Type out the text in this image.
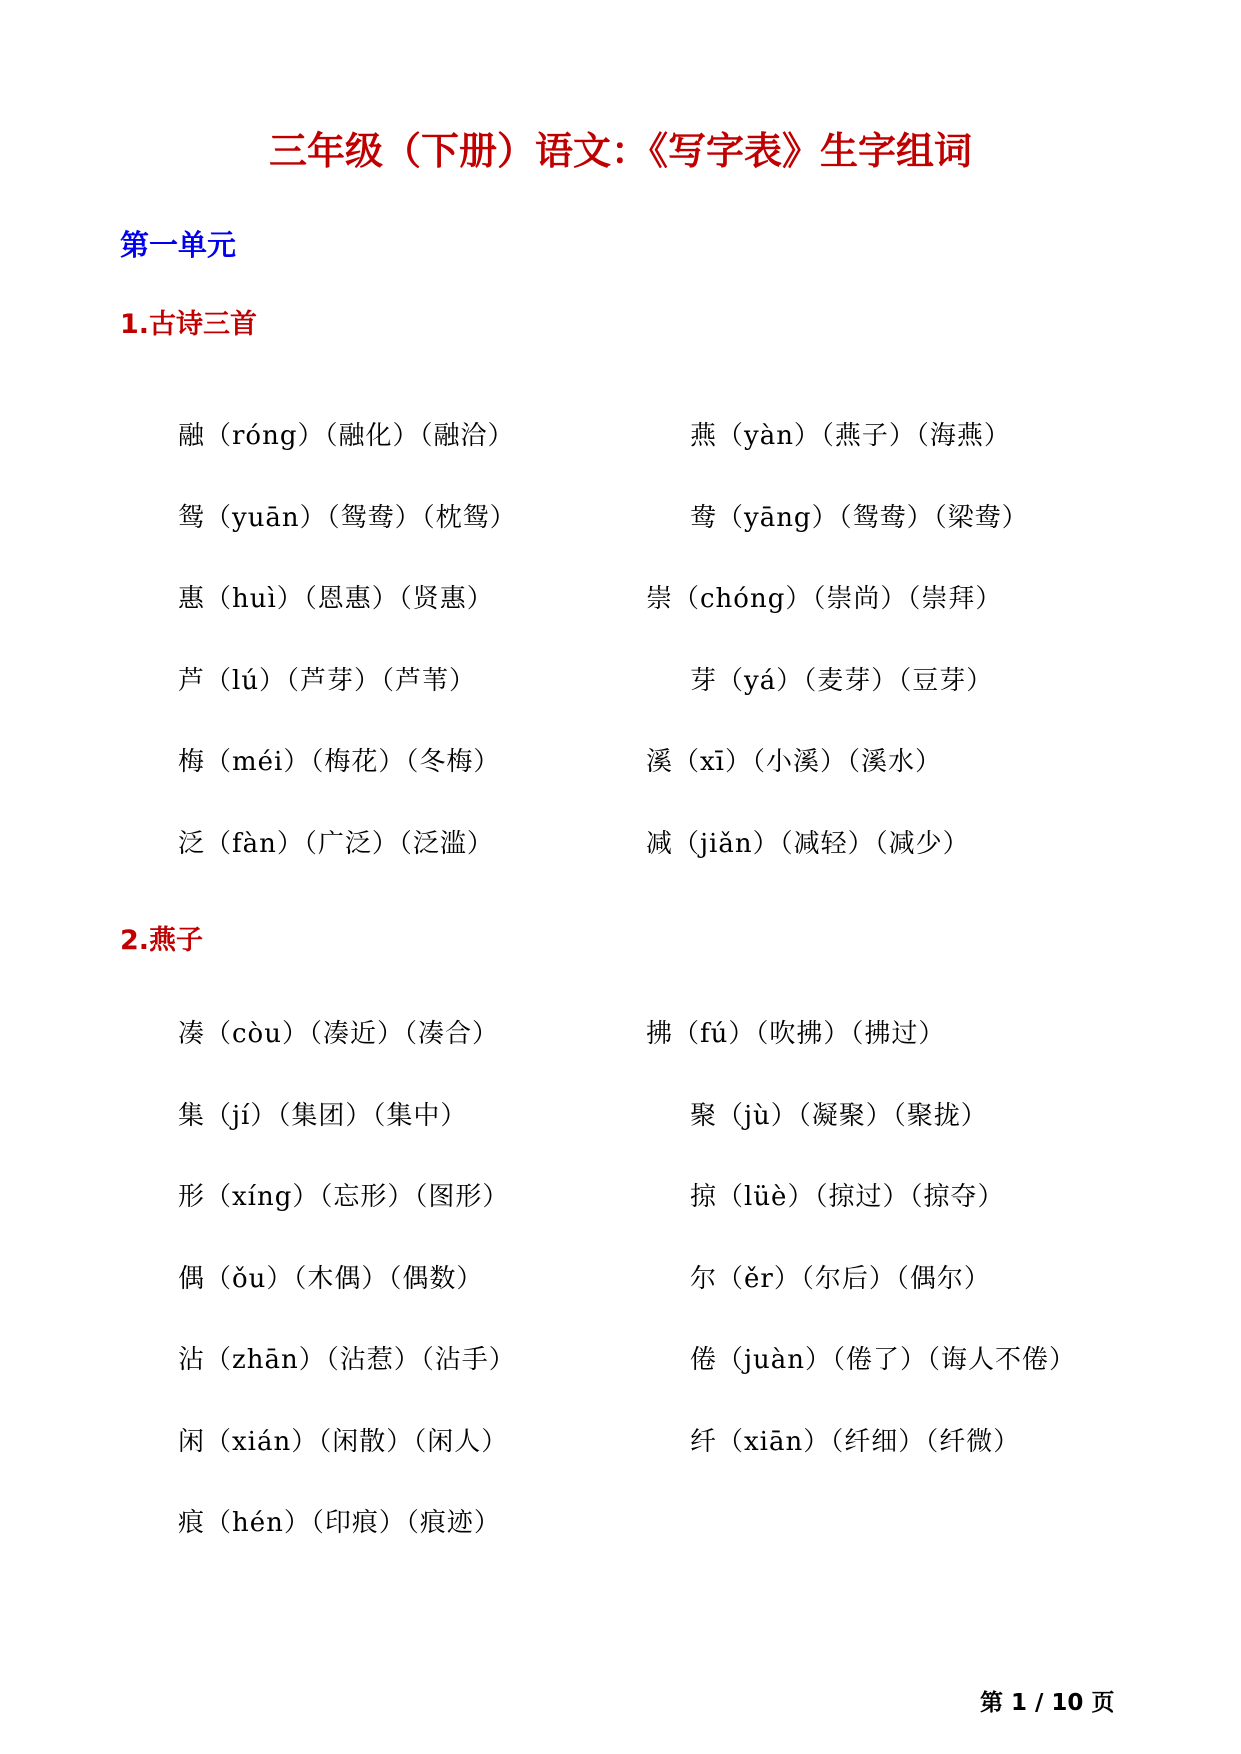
三年级（下册）语文：《写字表》生字组词
第一单元
1.古诗三首
融（róng）（融化）（融洽）	燕（yàn）（燕子）（海燕）
鸳（yuān）（鸳鸯）（枕鸳）	鸯（yāng）（鸳鸯）（梁鸯）
惠（huì）（恩惠）（贤惠）	崇（chóng）（崇尚）（崇拜）
芦（lú）（芦芽）（芦苇）	芽（yá）（麦芽）（豆芽）
梅（méi）（梅花）（冬梅）	溪（xī）（小溪）（溪水）
泛（fàn）（广泛）（泛滥）	减（jiǎn）（减轻）（减少）
2.燕子
凑（còu）（凑近）（凑合）	拂（fú）（吹拂）（拂过）
集（jí）（集团）（集中）	聚（jù）（凝聚）（聚拢）
形（xíng）（忘形）（图形）	掠（lüè）（掠过）（掠夺）
偶（ǒu）（木偶）（偶数）	尔（ěr）（尔后）（偶尔）
沾（zhān）（沾惹）（沾手）	倦（juàn）（倦了）（诲人不倦）
闲（xián）（闲散）（闲人）	纤（xiān）（纤细）（纤微）
痕（hén）（印痕）（痕迹）
第 1 / 10 页
